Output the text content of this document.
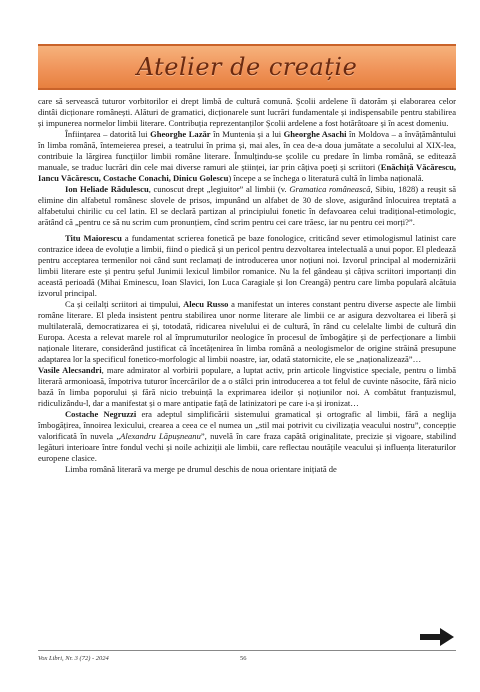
Atelier de creație

care să servească tuturor vorbitorilor ei drept limbă de cultură comună. Școlii ardelene îi datorăm și elaborarea celor dintâi dicționare românești. Alături de gramatici, dicționarele sunt lucrări fundamentale și indispensabile pentru stabilirea și impunerea normelor limbii literare. Contribuția reprezentanților Școlii ardelene a fost hotărâtoare și în acest domeniu.

Înființarea – datorită lui Gheorghe Lazăr în Muntenia și a lui Gheorghe Asachi în Moldova – a învățământului în limba română, întemeierea presei, a teatrului în prima și, mai ales, în cea de-a doua jumătate a secolului al XIX-lea, contribuie la lărgirea funcțiilor limbii române literare. Înmulțindu-se școlile cu predare în limba română, se editează manuale, se traduc lucrări din cele mai diverse ramuri ale științei, iar prin câțiva poeți și scriitori (Enăchiță Văcărescu, Iancu Văcărescu, Costache Conachi, Dinicu Golescu) începe a se închega o literatură cultă în limba națională.

Ion Heliade Rădulescu, cunoscut drept „legiuitor” al limbii (v. Gramatica românească, Sibiu, 1828) a reușit să elimine din alfabetul românesc slovele de prisos, impunând un alfabet de 30 de slove, asigurând înlocuirea treptată a alfabetului chirilic cu cel latin. El se declară partizan al principiului fonetic în defavoarea celui tradițional-etimologic, arătând că „pentru ce să nu scrim cum pronunțiem, cînd scrim pentru cei care trăesc, iar nu pentru cei morți?”.

Titu Maiorescu a fundamentat scrierea fonetică pe baze fonologice, criticând sever etimologismul latinist care contrazice ideea de evoluție a limbii, fiind o piedică și un pericol pentru dezvoltarea intelectuală a unui popor. El pledează pentru acceptarea termenilor noi când sunt reclamați de introducerea unor noțiuni noi. Izvorul principal al modernizării limbii literare este și pentru șeful Junimii lexicul limbilor romanice. Nu la fel gândeau și câțiva scriitori importanți din această perioadă (Mihai Eminescu, Ioan Slavici, Ion Luca Caragiale și Ion Creangă) pentru care limba populară alcătuia izvorul principal.

Ca și ceilalți scriitori ai timpului, Alecu Russo a manifestat un interes constant pentru diverse aspecte ale limbii române literare. El pleda insistent pentru stabilirea unor norme literare ale limbii ce ar asigura dezvoltarea ei liberă și multilaterală, democratizarea ei și, totodată, ridicarea nivelului ei de cultură, în rând cu celelalte limbi de cultură din Europa. Acesta a relevat marele rol al împrumuturilor neologice în procesul de îmbogățire și de perfecționare a limbii naționale literare, considerând justificat că încetățenirea în limba română a neologismelor de origine străină presupune adaptarea lor la specificul fonetico-morfologic al limbii noastre, iar, odată statornicite, ele se „naționalizează”…

Vasile Alecsandri, mare admirator al vorbirii populare, a luptat activ, prin articole lingvistice speciale, pentru o limbă literară armonioasă, împotriva tuturor încercărilor de a o stâlci prin introducerea a tot felul de cuvinte năsocite, fără nicio bază în limba poporului și fără nicio trebuință la exprimarea ideilor și noțiunilor noi. A combătut franțuzismul, ridiculizându-l, dar a manifestat și o mare antipatie față de latinizatori pe care i-a și ironizat…

Costache Negruzzi era adeptul simplificării sistemului gramatical și ortografic al limbii, fără a neglija îmbogățirea, înnoirea lexicului, crearea a ceea ce el numea un „stil mai potrivit cu civilizația veacului nostru”, concepție valorificată în nuvela „Alexandru Lăpușneanu”, nuvelă în care fraza capătă originalitate, precizie și vigoare, stabilind legături interioare între fondul vechi și noile achiziții ale limbii, care reflectau noutățile veacului și influența literaturilor europene clasice.

Limba română literară va merge pe drumul deschis de noua orientare inițiată de

Vox Libri, Nr. 3 (72) - 2024	56
